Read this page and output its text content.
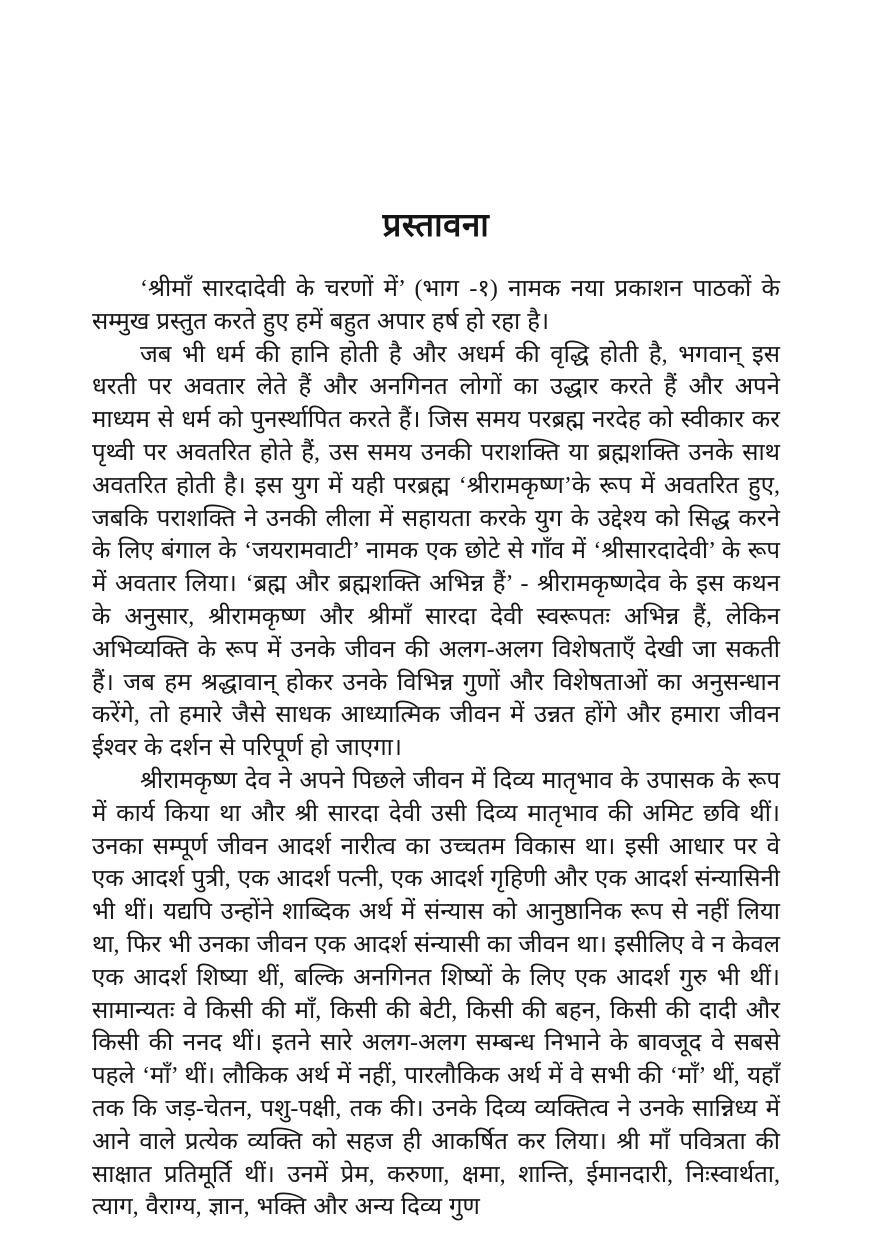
प्रस्तावना

‘श्रीमाँ सारदादेवी के चरणों में’ (भाग -१) नामक नया प्रकाशन पाठकों के सम्मुख प्रस्तुत करते हुए हमें बहुत अपार हर्ष हो रहा है।

जब भी धर्म की हानि होती है और अधर्म की वृद्धि होती है, भगवान् इस धरती पर अवतार लेते हैं और अनगिनत लोगों का उद्धार करते हैं और अपने माध्यम से धर्म को पुनर्स्थापित करते हैं। जिस समय परब्रह्म नरदेह को स्वीकार कर पृथ्वी पर अवतरित होते हैं, उस समय उनकी पराशक्ति या ब्रह्मशक्ति उनके साथ अवतरित होती है। इस युग में यही परब्रह्म ‘श्रीरामकृष्ण’के रूप में अवतरित हुए, जबकि पराशक्ति ने उनकी लीला में सहायता करके युग के उद्देश्य को सिद्ध करने के लिए बंगाल के ‘जयरामवाटी’ नामक एक छोटे से गाँव में ‘श्रीसारदादेवी’ के रूप में अवतार लिया। ‘ब्रह्म और ब्रह्मशक्ति अभिन्न हैं’ - श्रीरामकृष्णदेव के इस कथन के अनुसार, श्रीरामकृष्ण और श्रीमाँ सारदा देवी स्वरूपतः अभिन्न हैं, लेकिन अभिव्यक्ति के रूप में उनके जीवन की अलग-अलग विशेषताएँ देखी जा सकती हैं। जब हम श्रद्धावान् होकर उनके विभिन्न गुणों और विशेषताओं का अनुसन्धान करेंगे, तो हमारे जैसे साधक आध्यात्मिक जीवन में उन्नत होंगे और हमारा जीवन ईश्वर के दर्शन से परिपूर्ण हो जाएगा।

श्रीरामकृष्ण देव ने अपने पिछले जीवन में दिव्य मातृभाव के उपासक के रूप में कार्य किया था और श्री सारदा देवी उसी दिव्य मातृभाव की अमिट छवि थीं। उनका सम्पूर्ण जीवन आदर्श नारीत्व का उच्चतम विकास था। इसी आधार पर वे एक आदर्श पुत्री, एक आदर्श पत्नी, एक आदर्श गृहिणी और एक आदर्श संन्यासिनी भी थीं। यद्यपि उन्होंने शाब्दिक अर्थ में संन्यास को आनुष्ठानिक रूप से नहीं लिया था, फिर भी उनका जीवन एक आदर्श संन्यासी का जीवन था। इसीलिए वे न केवल एक आदर्श शिष्या थीं, बल्कि अनगिनत शिष्यों के लिए एक आदर्श गुरु भी थीं। सामान्यतः वे किसी की माँ, किसी की बेटी, किसी की बहन, किसी की दादी और किसी की ननद थीं। इतने सारे अलग-अलग सम्बन्ध निभाने के बावजूद वे सबसे पहले ‘माँ’ थीं। लौकिक अर्थ में नहीं, पारलौकिक अर्थ में वे सभी की ‘माँ’ थीं, यहाँ तक कि जड़-चेतन, पशु-पक्षी, तक की। उनके दिव्य व्यक्तित्व ने उनके सान्निध्य में आने वाले प्रत्येक व्यक्ति को सहज ही आकर्षित कर लिया। श्री माँ पवित्रता की साक्षात प्रतिमूर्ति थीं। उनमें प्रेम, करुणा, क्षमा, शान्ति, ईमानदारी, निःस्वार्थता, त्याग, वैराग्य, ज्ञान, भक्ति और अन्य दिव्य गुण
